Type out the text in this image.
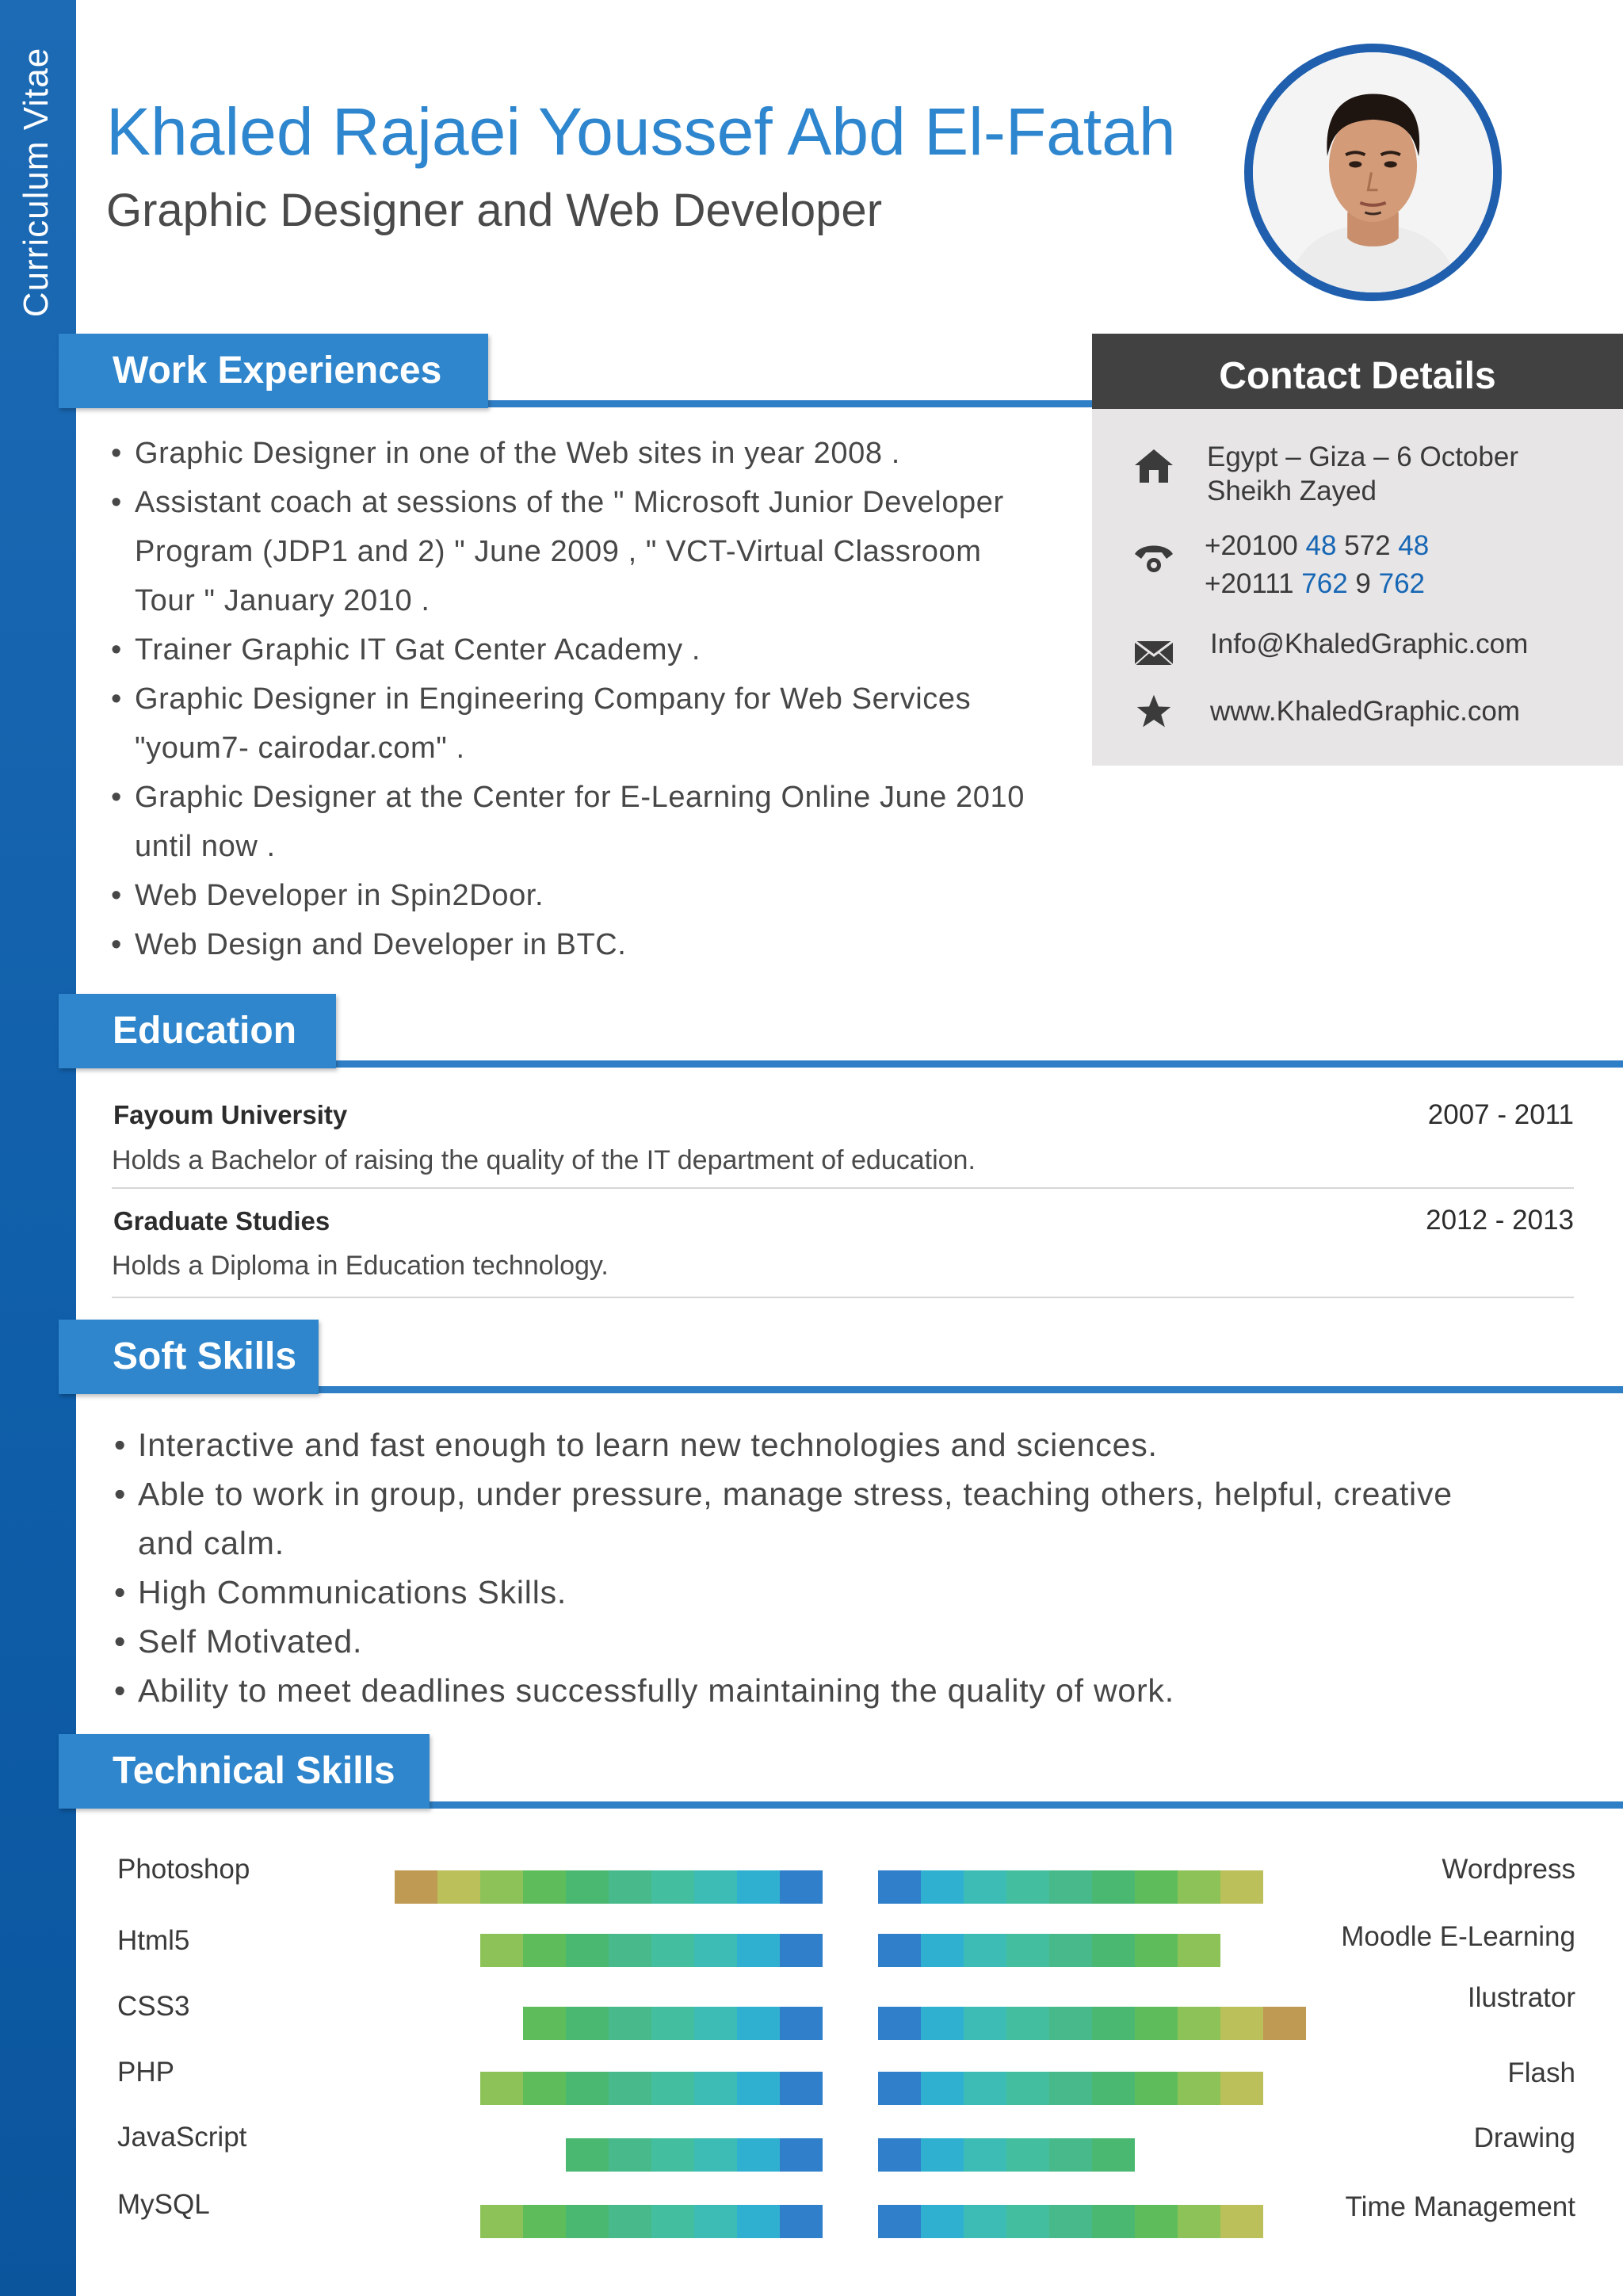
Curriculum Vitae Khaled Rajaei Youssef Abd El-Fatah
Graphic Designer and Web Developer
Work Experiences
• Graphic Designer in one of the Web sites in year 2008 .
• Assistant coach at sessions of the " Microsoft Junior Developer
Program (JDP1 and 2) " June 2009 , " VCT-Virtual Classroom
Tour " January 2010 .
• Trainer Graphic IT Gat Center Academy .
• Graphic Designer in Engineering Company for Web Services
"youm7- cairodar.com" .
• Graphic Designer at the Center for E-Learning Online June 2010
until now .
• Web Developer in Spin2Door.
• Web Design and Developer in BTC.
Contact Details
Egypt – Giza – 6 October
Sheikh Zayed
+20100 48 572 48
+20111 762 9 762
Info@KhaledGraphic.com
www.KhaledGraphic.com
Education
Fayoum University	2007 - 2011
Holds a Bachelor of raising the quality of the IT department of education.
Graduate Studies	2012 - 2013
Holds a Diploma in Education technology.
Soft Skills
• Interactive and fast enough to learn new technologies and sciences.
• Able to work in group, under pressure, manage stress, teaching others, helpful, creative
and calm.
• High Communications Skills.
• Self Motivated.
• Ability to meet deadlines successfully maintaining the quality of work.
Technical Skills
Photoshop
Html5
CSS3
PHP
JavaScript
MySQL
Wordpress
Moodle E-Learning
Ilustrator
Flash
Drawing
Time Management
